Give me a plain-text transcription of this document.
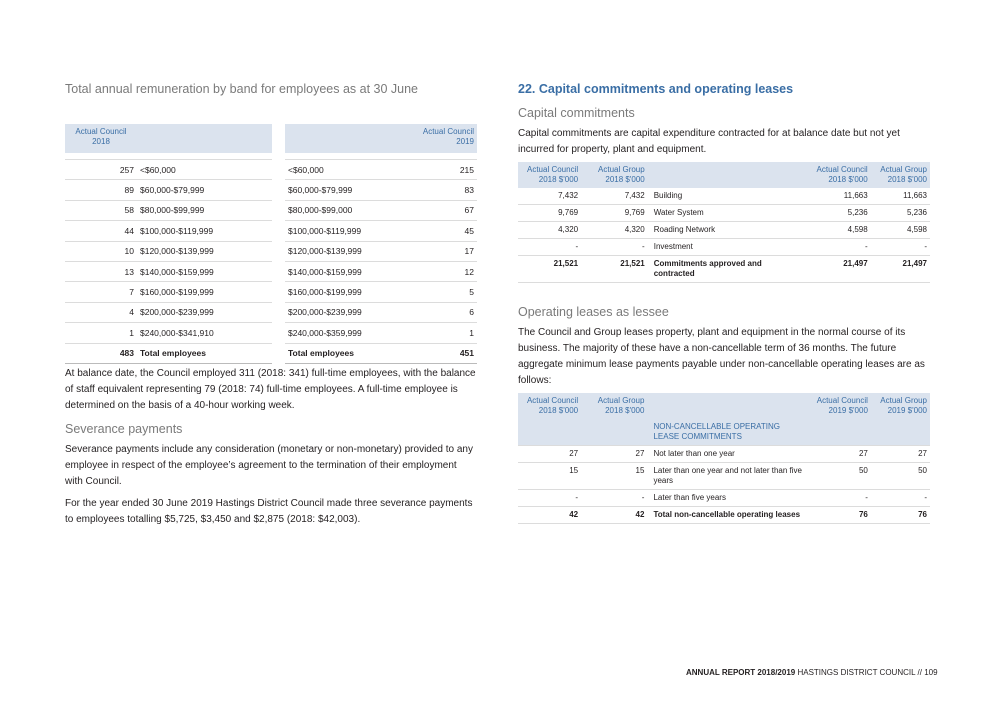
Total annual remuneration by band for employees as at 30 June
Actual Council
2018	

257	<$60,000
89	$60,000-$79,999
58	$80,000-$99,999
44	$100,000-$119,999
10	$120,000-$139,999
13	$140,000-$159,999
7	$160,000-$199,999
4	$200,000-$239,999
1	$240,000-$341,910
483	Total employees

	Actual Council
2019

<$60,000	215
$60,000-$79,999	83
$80,000-$99,000	67
$100,000-$119,999	45
$120,000-$139,999	17
$140,000-$159,999	12
$160,000-$199,999	5
$200,000-$239,999	6
$240,000-$359,999	1
Total employees	451

At balance date, the Council employed 311 (2018: 341) full-time employees, with the balance of staff equivalent representing 79 (2018: 74) full-time employees. A full-time employee is determined on the basis of a 40-hour working week.

Severance payments

Severance payments include any consideration (monetary or non-monetary) provided to any employee in respect of the employee’s agreement to the termination of their employment with Council.

For the year ended 30 June 2019 Hastings District Council made three severance payments to employees totalling $5,725, $3,450 and $2,875 (2018: $42,003).

22. Capital commitments and operating leases
Capital commitments

Capital commitments are capital expenditure contracted for at balance date but not yet incurred for property, plant and equipment.

Actual Council 2018 $'000	Actual Group 2018 $'000		Actual Council 2018 $'000	Actual Group 2018 $'000
7,432	7,432	Building	11,663	11,663
9,769	9,769	Water System	5,236	5,236
4,320	4,320	Roading Network	4,598	4,598
-	-	Investment	-	-
21,521	21,521	Commitments approved and contracted	21,497	21,497
Operating leases as lessee

The Council and Group leases property, plant and equipment in the normal course of its business. The majority of these have a non-cancellable term of 36 months. The future aggregate minimum lease payments payable under non-cancellable operating leases are as follows:

Actual Council 2018 $'000	Actual Group 2018 $'000		Actual Council 2019 $'000	Actual Group 2019 $'000
		NON-CANCELLABLE OPERATING LEASE COMMITMENTS		
27	27	Not later than one year	27	27
15	15	Later than one year and not later than five years	50	50
-	-	Later than five years	-	-
42	42	Total non-cancellable operating leases	76	76
ANNUAL REPORT 2018/2019 HASTINGS DISTRICT COUNCIL // 109
